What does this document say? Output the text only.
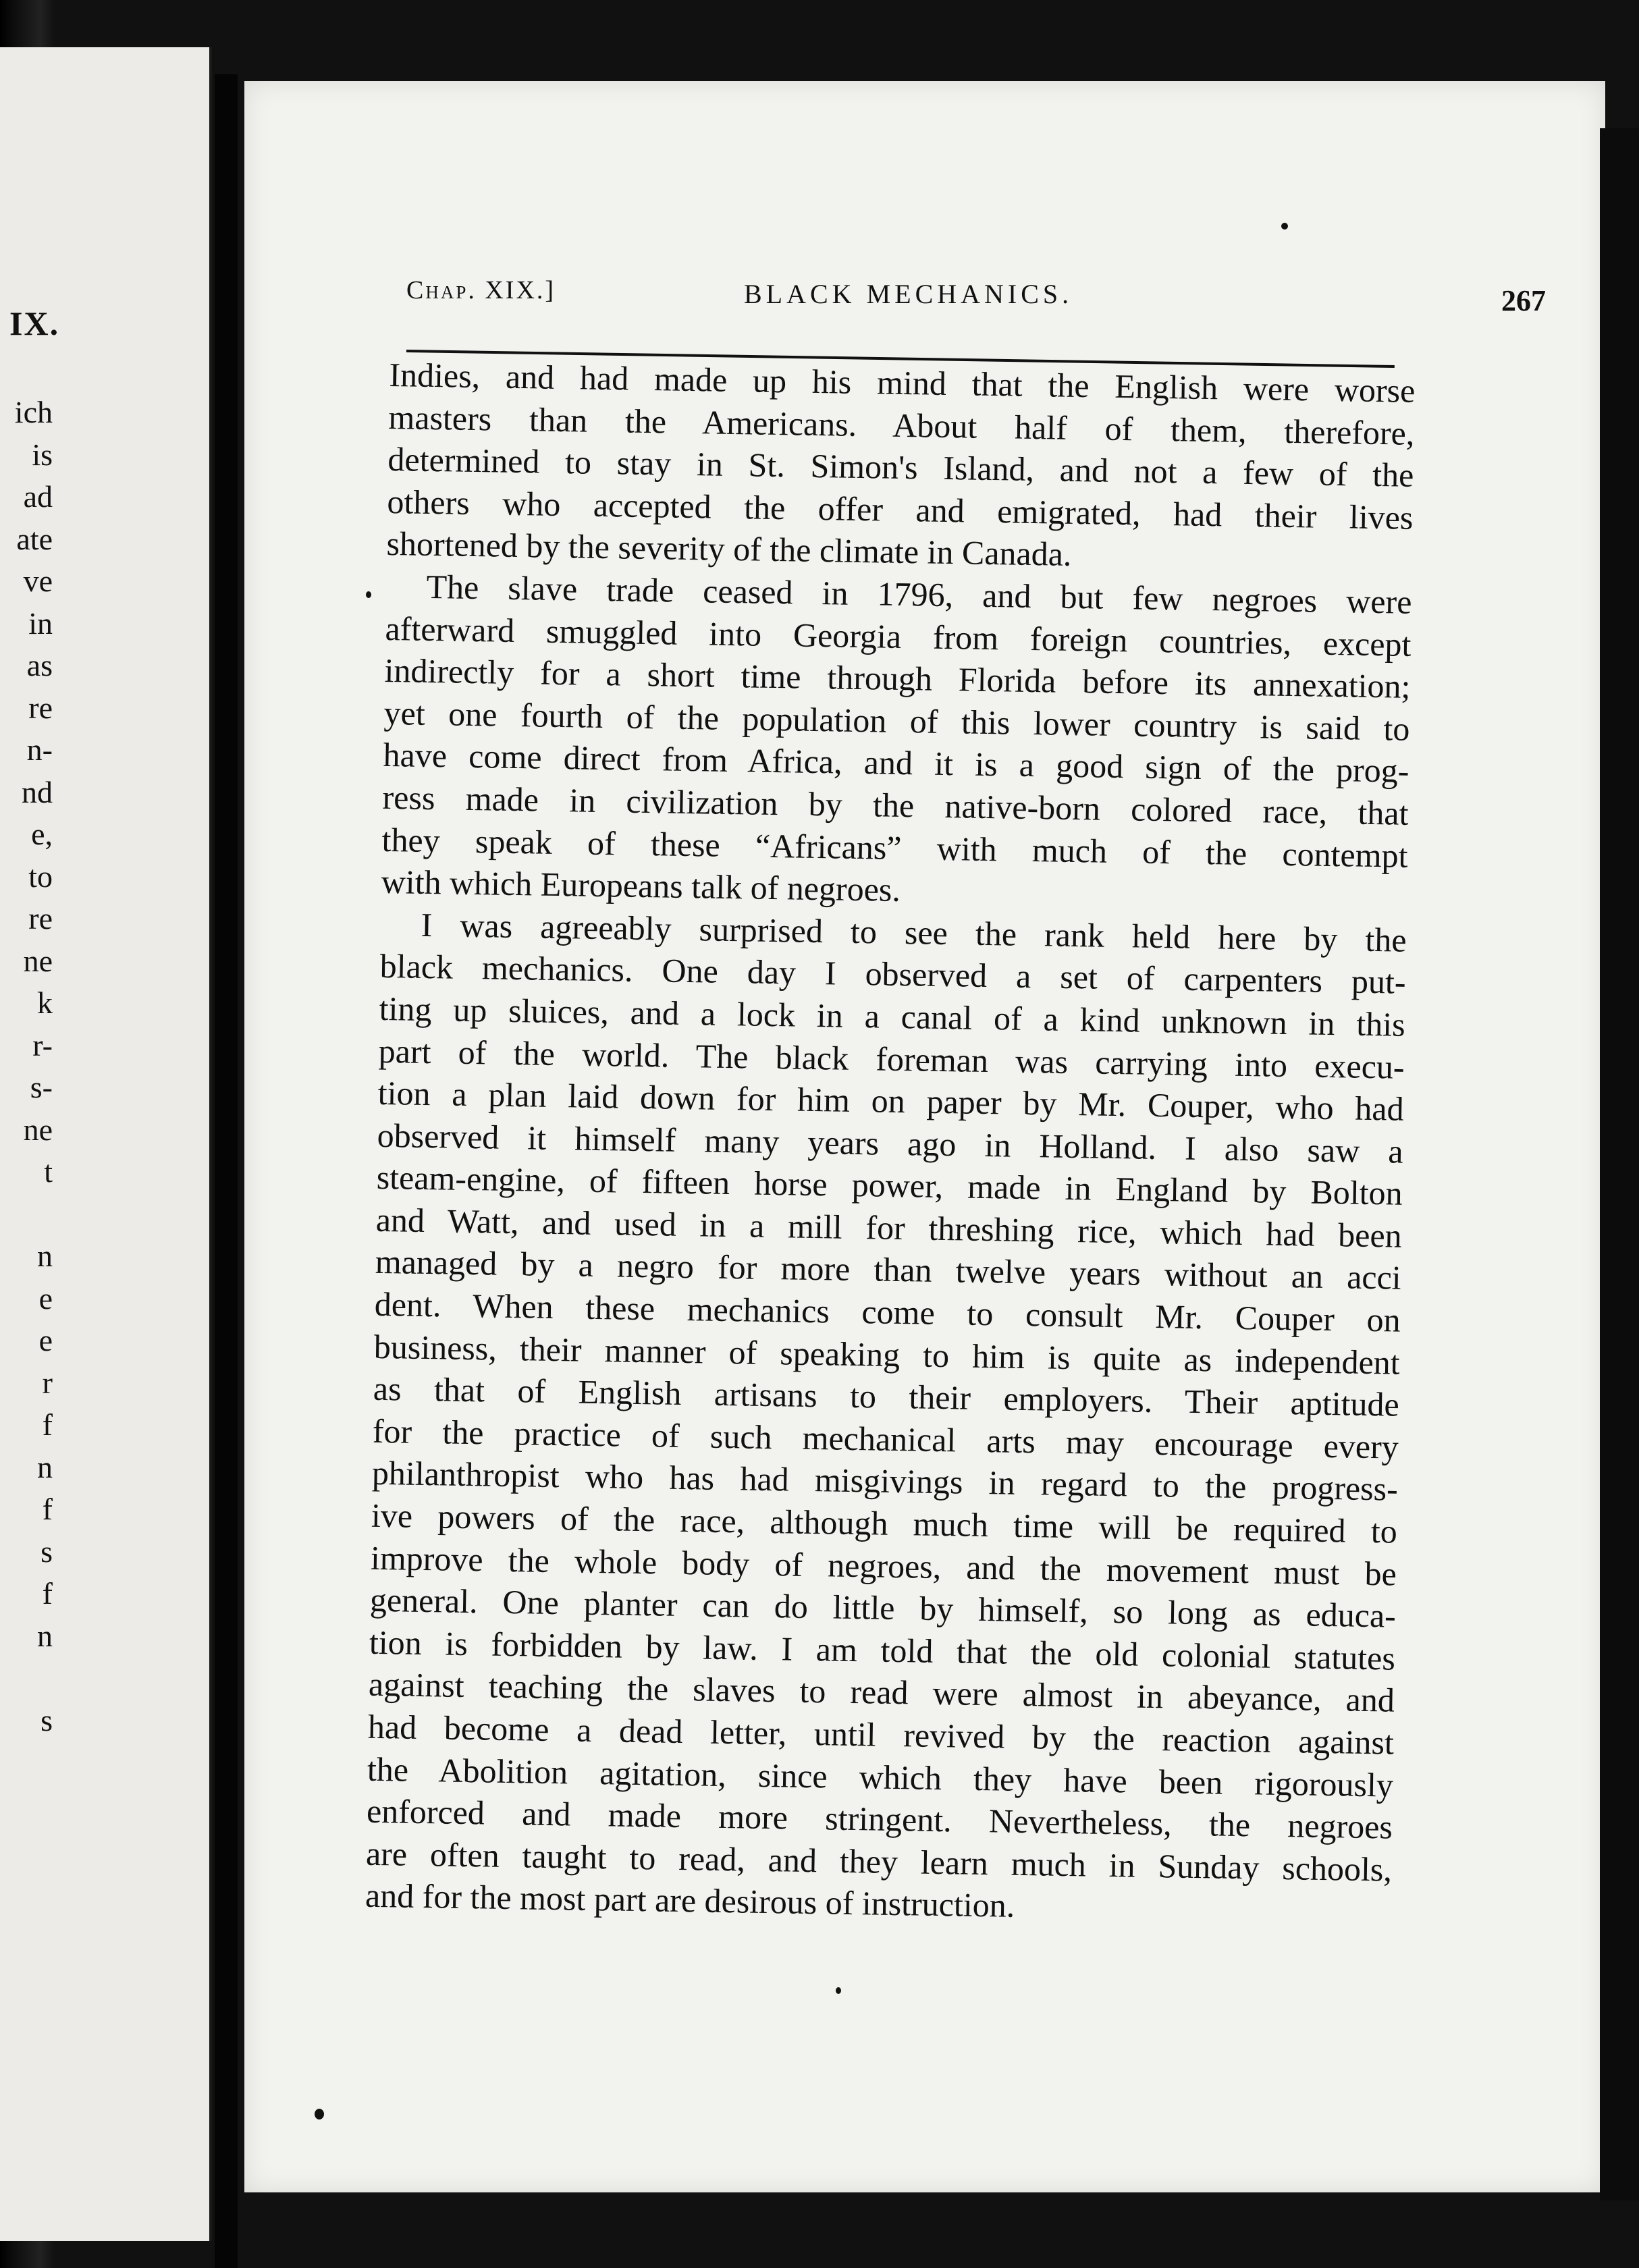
IX.
ich
is
ad
ate
ve
in
as
re
n-
nd
e,
to
re
ne
k
r-
s-
ne
t
n
e
e
r
f
n
f
s
f
n
s
Chap. XIX.]	BLACK MECHANICS.	267
Indies, and had made up his mind that the English were worse
masters than the Americans. About half of them, therefore,
determined to stay in St. Simon's Island, and not a few of the
others who accepted the offer and emigrated, had their lives
shortened by the severity of the climate in Canada.
The slave trade ceased in 1796, and but few negroes were
afterward smuggled into Georgia from foreign countries, except
indirectly for a short time through Florida before its annexation;
yet one fourth of the population of this lower country is said to
have come direct from Africa, and it is a good sign of the prog-
ress made in civilization by the native-born colored race, that
they speak of these “Africans” with much of the contempt
with which Europeans talk of negroes.
I was agreeably surprised to see the rank held here by the
black mechanics. One day I observed a set of carpenters put-
ting up sluices, and a lock in a canal of a kind unknown in this
part of the world. The black foreman was carrying into execu-
tion a plan laid down for him on paper by Mr. Couper, who had
observed it himself many years ago in Holland. I also saw a
steam-engine, of fifteen horse power, made in England by Bolton
and Watt, and used in a mill for threshing rice, which had been
managed by a negro for more than twelve years without an acci
dent. When these mechanics come to consult Mr. Couper on
business, their manner of speaking to him is quite as independent
as that of English artisans to their employers. Their aptitude
for the practice of such mechanical arts may encourage every
philanthropist who has had misgivings in regard to the progress-
ive powers of the race, although much time will be required to
improve the whole body of negroes, and the movement must be
general. One planter can do little by himself, so long as educa-
tion is forbidden by law. I am told that the old colonial statutes
against teaching the slaves to read were almost in abeyance, and
had become a dead letter, until revived by the reaction against
the Abolition agitation, since which they have been rigorously
enforced and made more stringent. Nevertheless, the negroes
are often taught to read, and they learn much in Sunday schools,
and for the most part are desirous of instruction.
